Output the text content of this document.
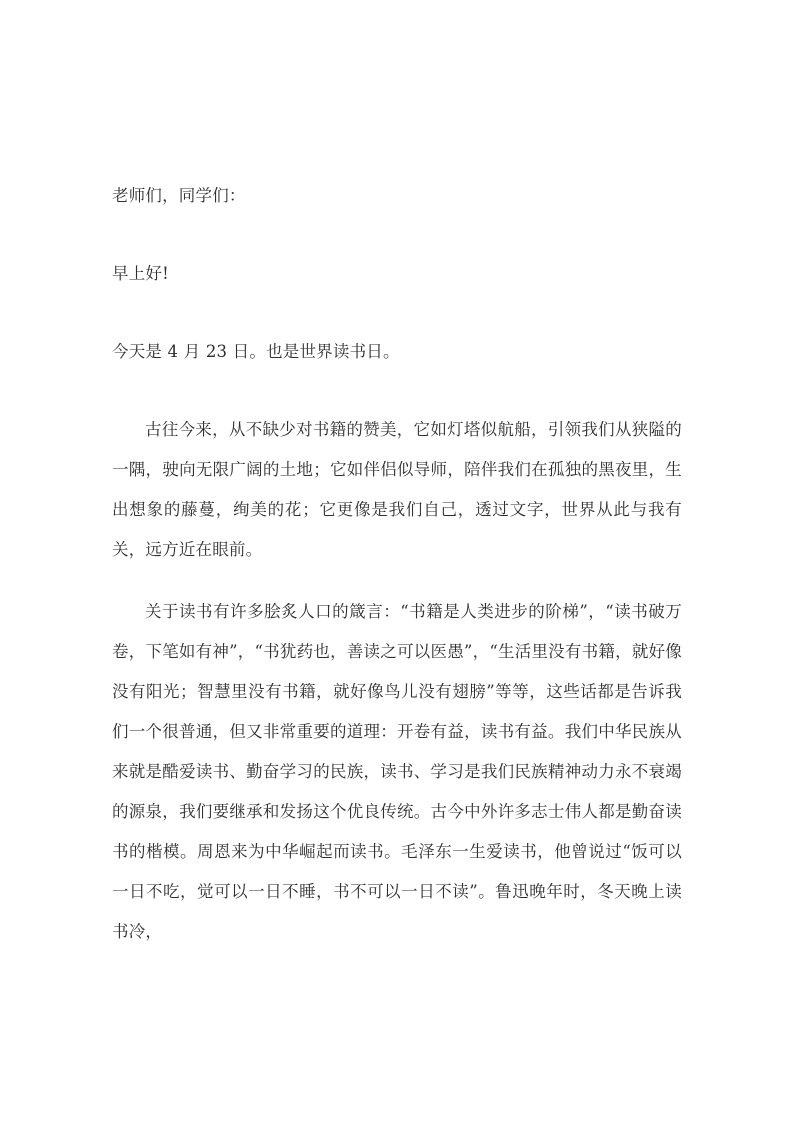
老师们，同学们：

早上好!

今天是 4 月 23 日。也是世界读书日。

古往今来，从不缺少对书籍的赞美，它如灯塔似航船，引领我们从狭隘的一隅，驶向无限广阔的土地；它如伴侣似导师，陪伴我们在孤独的黑夜里，生出想象的藤蔓，绚美的花；它更像是我们自己，透过文字，世界从此与我有关，远方近在眼前。

关于读书有许多脍炙人口的箴言：“书籍是人类进步的阶梯”，“读书破万卷，下笔如有神”，“书犹药也，善读之可以医愚”，“生活里没有书籍，就好像没有阳光；智慧里没有书籍，就好像鸟儿没有翅膀”等等，这些话都是告诉我们一个很普通，但又非常重要的道理：开卷有益，读书有益。我们中华民族从来就是酷爱读书、勤奋学习的民族，读书、学习是我们民族精神动力永不衰竭的源泉，我们要继承和发扬这个优良传统。古今中外许多志士伟人都是勤奋读书的楷模。周恩来为中华崛起而读书。毛泽东一生爱读书，他曾说过“饭可以一日不吃，觉可以一日不睡，书不可以一日不读”。鲁迅晚年时，冬天晚上读书冷，
